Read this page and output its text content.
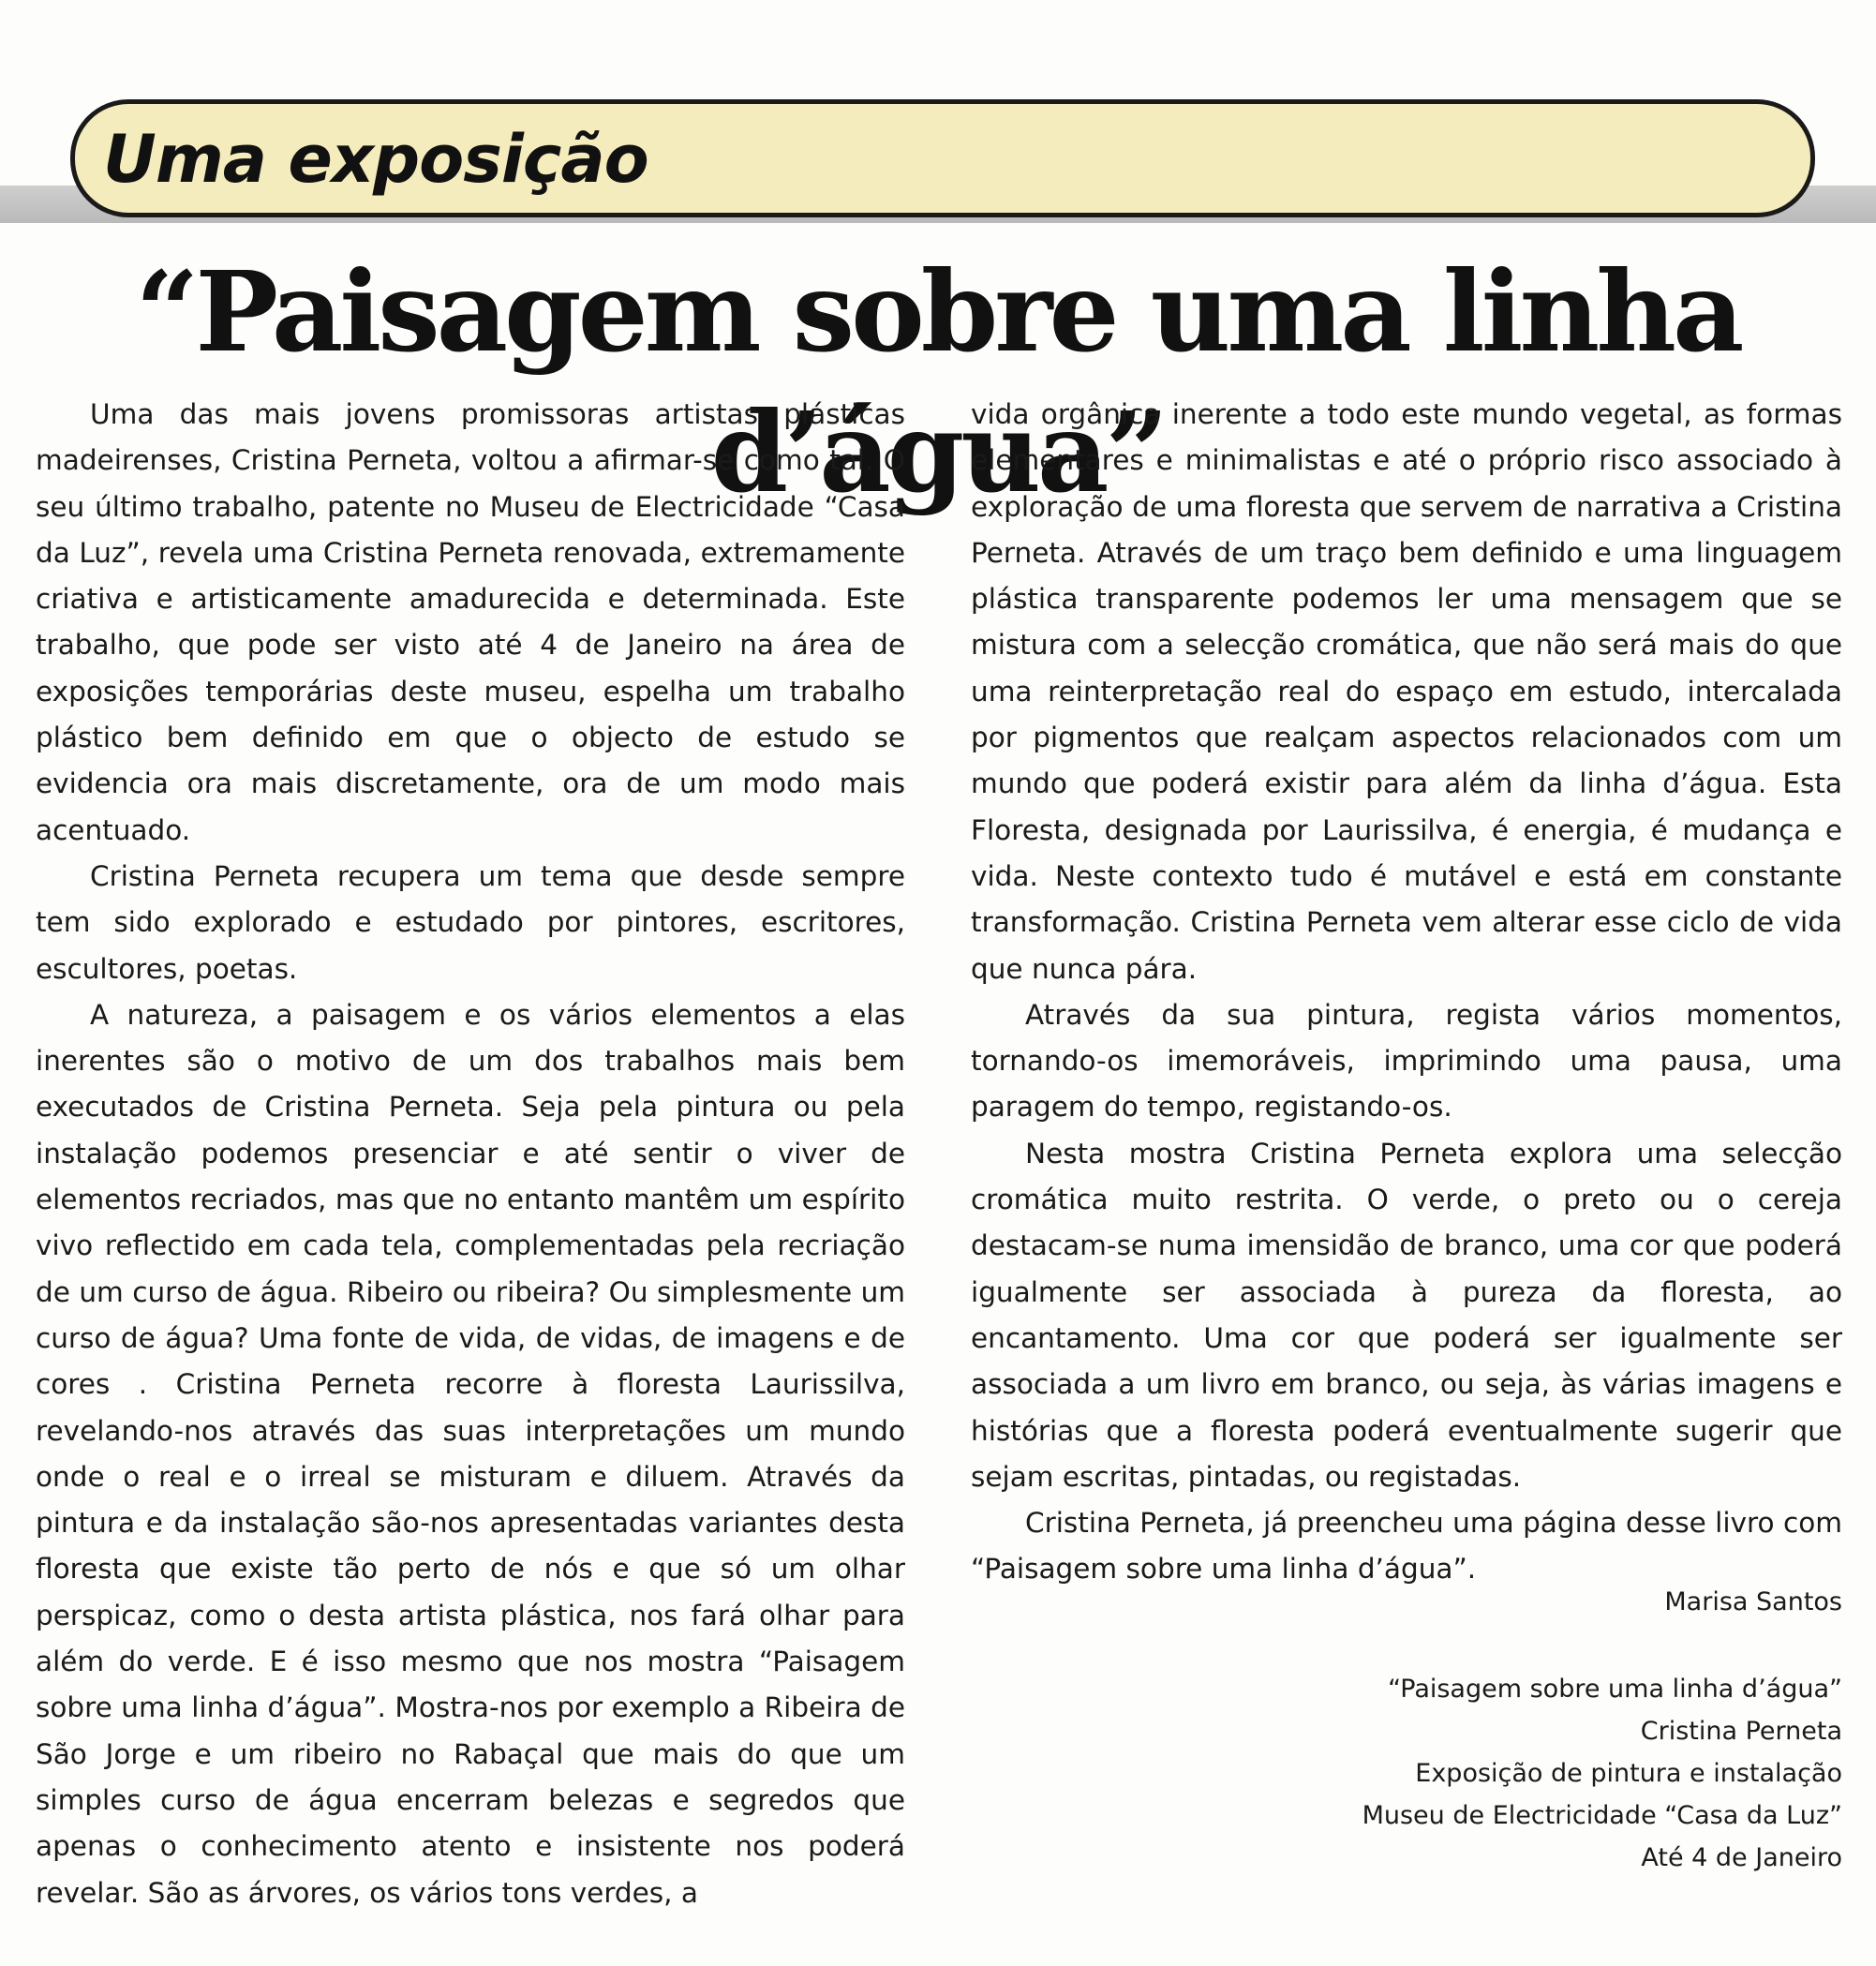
Uma exposição
“Paisagem sobre uma linha d’água”

Uma das mais jovens promissoras artistas plásticas madeirenses, Cristina Perneta, voltou a afirmar-se como tal. O seu último trabalho, patente no Museu de Electricidade “Casa da Luz”, revela uma Cristina Perneta renovada, extremamente criativa e artisticamente amadurecida e determinada. Este trabalho, que pode ser visto até 4 de Janeiro na área de exposições temporárias deste museu, espelha um trabalho plástico bem definido em que o objecto de estudo se evidencia ora mais discretamente, ora de um modo mais acentuado.

Cristina Perneta recupera um tema que desde sempre tem sido explorado e estudado por pintores, escritores, escultores, poetas.

A natureza, a paisagem e os vários elementos a elas inerentes são o motivo de um dos trabalhos mais bem executados de Cristina Perneta. Seja pela pintura ou pela instalação podemos presenciar e até sentir o viver de elementos recriados, mas que no entanto mantêm um espírito vivo reflectido em cada tela, complementadas pela recriação de um curso de água. Ribeiro ou ribeira? Ou simplesmente um curso de água? Uma fonte de vida, de vidas, de imagens e de cores . Cristina Perneta recorre à floresta Laurissilva, revelando-nos através das suas interpretações um mundo onde o real e o irreal se misturam e diluem. Através da pintura e da instalação são-nos apresentadas variantes desta floresta que existe tão perto de nós e que só um olhar perspicaz, como o desta artista plástica, nos fará olhar para além do verde. E é isso mesmo que nos mostra “Paisagem sobre uma linha d’água”. Mostra-nos por exemplo a Ribeira de São Jorge e um ribeiro no Rabaçal que mais do que um simples curso de água encerram belezas e segredos que apenas o conhecimento atento e insistente nos poderá revelar. São as árvores, os vários tons verdes, a

vida orgânica inerente a todo este mundo vegetal, as formas elementares e minimalistas e até o próprio risco associado à exploração de uma floresta que servem de narrativa a Cristina Perneta. Através de um traço bem definido e uma linguagem plástica transparente podemos ler uma mensagem que se mistura com a selecção cromática, que não será mais do que uma reinterpretação real do espaço em estudo, intercalada por pigmentos que realçam aspectos relacionados com um mundo que poderá existir para além da linha d’água. Esta Floresta, designada por Laurissilva, é energia, é mudança e vida. Neste contexto tudo é mutável e está em constante transformação. Cristina Perneta vem alterar esse ciclo de vida que nunca pára.

Através da sua pintura, regista vários momentos, tornando-os imemoráveis, imprimindo uma pausa, uma paragem do tempo, registando-os.

Nesta mostra Cristina Perneta explora uma selecção cromática muito restrita. O verde, o preto ou o cereja destacam-se numa imensidão de branco, uma cor que poderá igualmente ser associada à pureza da floresta, ao encantamento. Uma cor que poderá ser igualmente ser associada a um livro em branco, ou seja, às várias imagens e histórias que a floresta poderá eventualmente sugerir que sejam escritas, pintadas, ou registadas.

Cristina Perneta, já preencheu uma página desse livro com “Paisagem sobre uma linha d’água”.

Marisa Santos

“Paisagem sobre uma linha d’água”
Cristina Perneta
Exposição de pintura e instalação
Museu de Electricidade “Casa da Luz”
Até 4 de Janeiro
